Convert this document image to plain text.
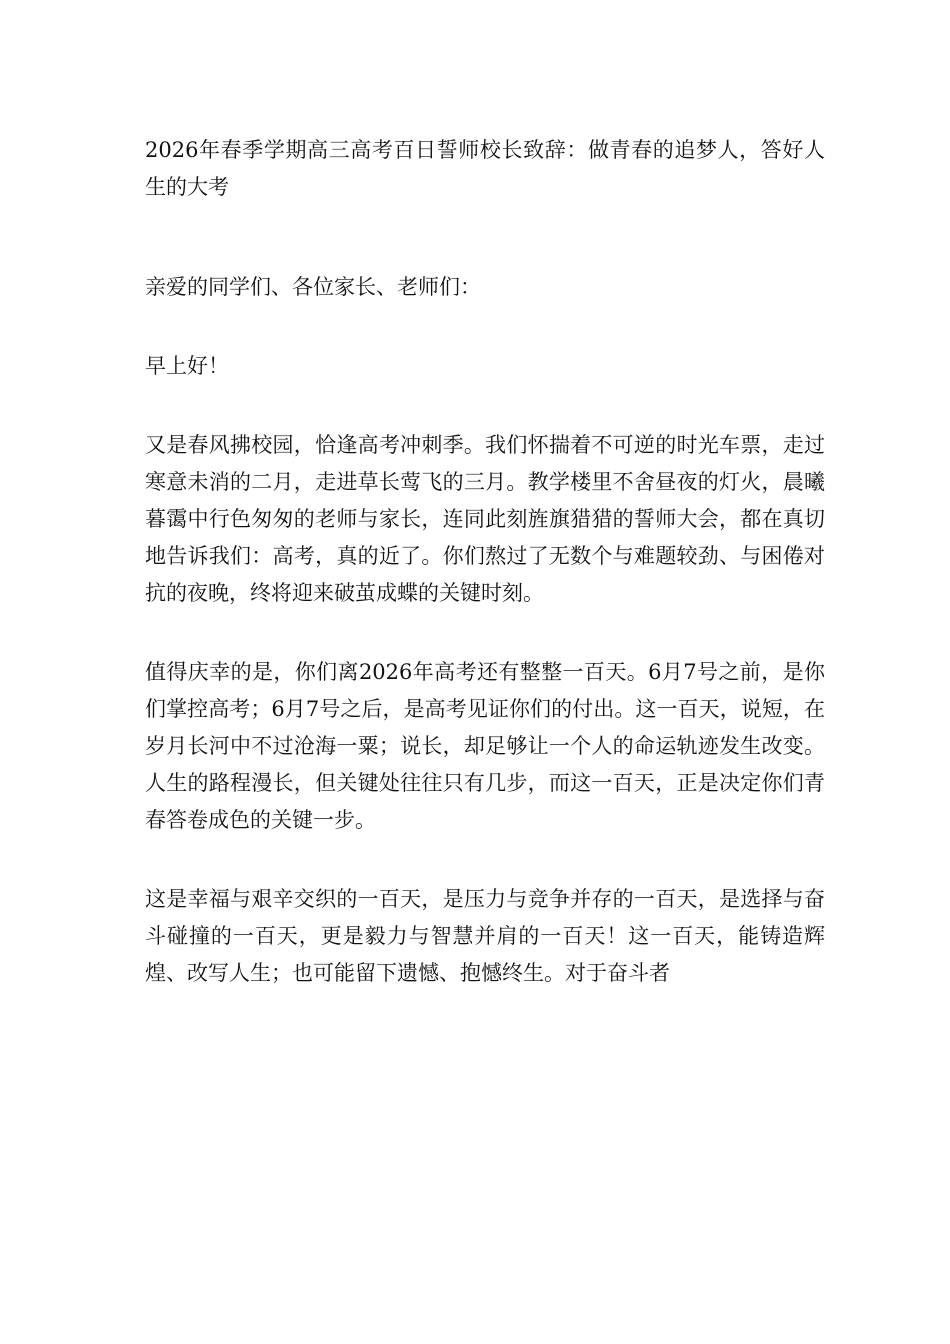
2026年春季学期高三高考百日誓师校长致辞：做青春的追梦人，答好人生的大考

亲爱的同学们、各位家长、老师们：

早上好！

又是春风拂校园，恰逢高考冲刺季。我们怀揣着不可逆的时光车票，走过寒意未消的二月，走进草长莺飞的三月。教学楼里不舍昼夜的灯火，晨曦暮霭中行色匆匆的老师与家长，连同此刻旌旗猎猎的誓师大会，都在真切地告诉我们：高考，真的近了。你们熬过了无数个与难题较劲、与困倦对抗的夜晚，终将迎来破茧成蝶的关键时刻。

值得庆幸的是，你们离2026年高考还有整整一百天。6月7号之前，是你们掌控高考；6月7号之后，是高考见证你们的付出。这一百天，说短，在岁月长河中不过沧海一粟；说长，却足够让一个人的命运轨迹发生改变。人生的路程漫长，但关键处往往只有几步，而这一百天，正是决定你们青春答卷成色的关键一步。

这是幸福与艰辛交织的一百天，是压力与竞争并存的一百天，是选择与奋斗碰撞的一百天，更是毅力与智慧并肩的一百天！这一百天，能铸造辉煌、改写人生；也可能留下遗憾、抱憾终生。对于奋斗者
